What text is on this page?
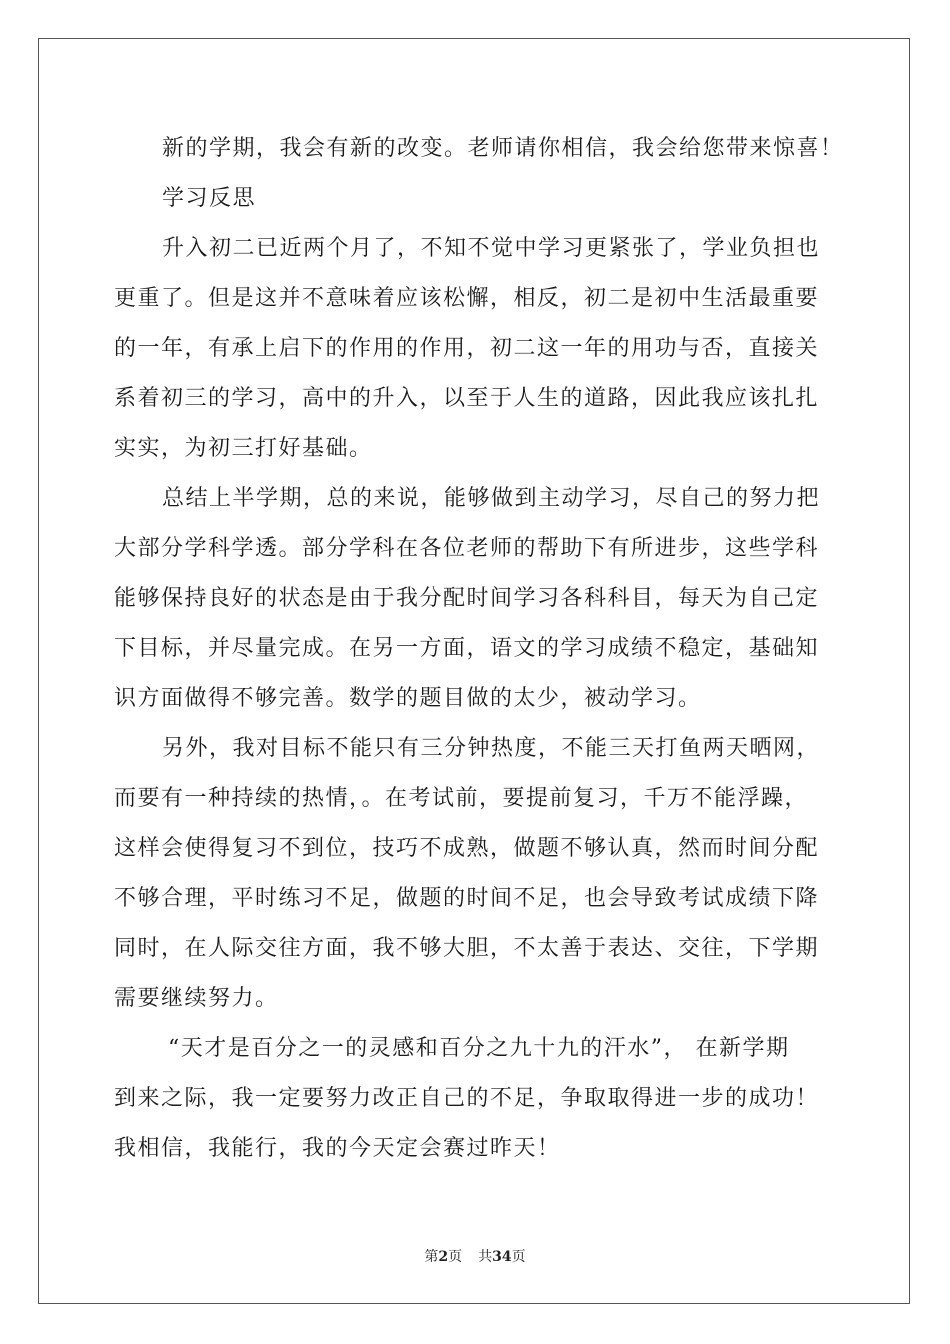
新的学期，我会有新的改变。老师请你相信，我会给您带来惊喜！
学习反思
升入初二已近两个月了，不知不觉中学习更紧张了，学业负担也
更重了。但是这并不意味着应该松懈，相反，初二是初中生活最重要
的一年，有承上启下的作用的作用，初二这一年的用功与否，直接关
系着初三的学习，高中的升入，以至于人生的道路，因此我应该扎扎
实实，为初三打好基础。
总结上半学期，总的来说，能够做到主动学习，尽自己的努力把
大部分学科学透。部分学科在各位老师的帮助下有所进步，这些学科
能够保持良好的状态是由于我分配时间学习各科科目，每天为自己定
下目标，并尽量完成。在另一方面，语文的学习成绩不稳定，基础知
识方面做得不够完善。数学的题目做的太少，被动学习。
另外，我对目标不能只有三分钟热度，不能三天打鱼两天晒网，
而要有一种持续的热情，。在考试前，要提前复习，千万不能浮躁，
这样会使得复习不到位，技巧不成熟，做题不够认真，然而时间分配
不够合理，平时练习不足，做题的时间不足，也会导致考试成绩下降
同时，在人际交往方面，我不够大胆，不太善于表达、交往，下学期
需要继续努力。
“天才是百分之一的灵感和百分之九十九的汗水”， 在新学期
到来之际，我一定要努力改正自己的不足，争取取得进一步的成功！
我相信，我能行，我的今天定会赛过昨天！
第2页 共34页
